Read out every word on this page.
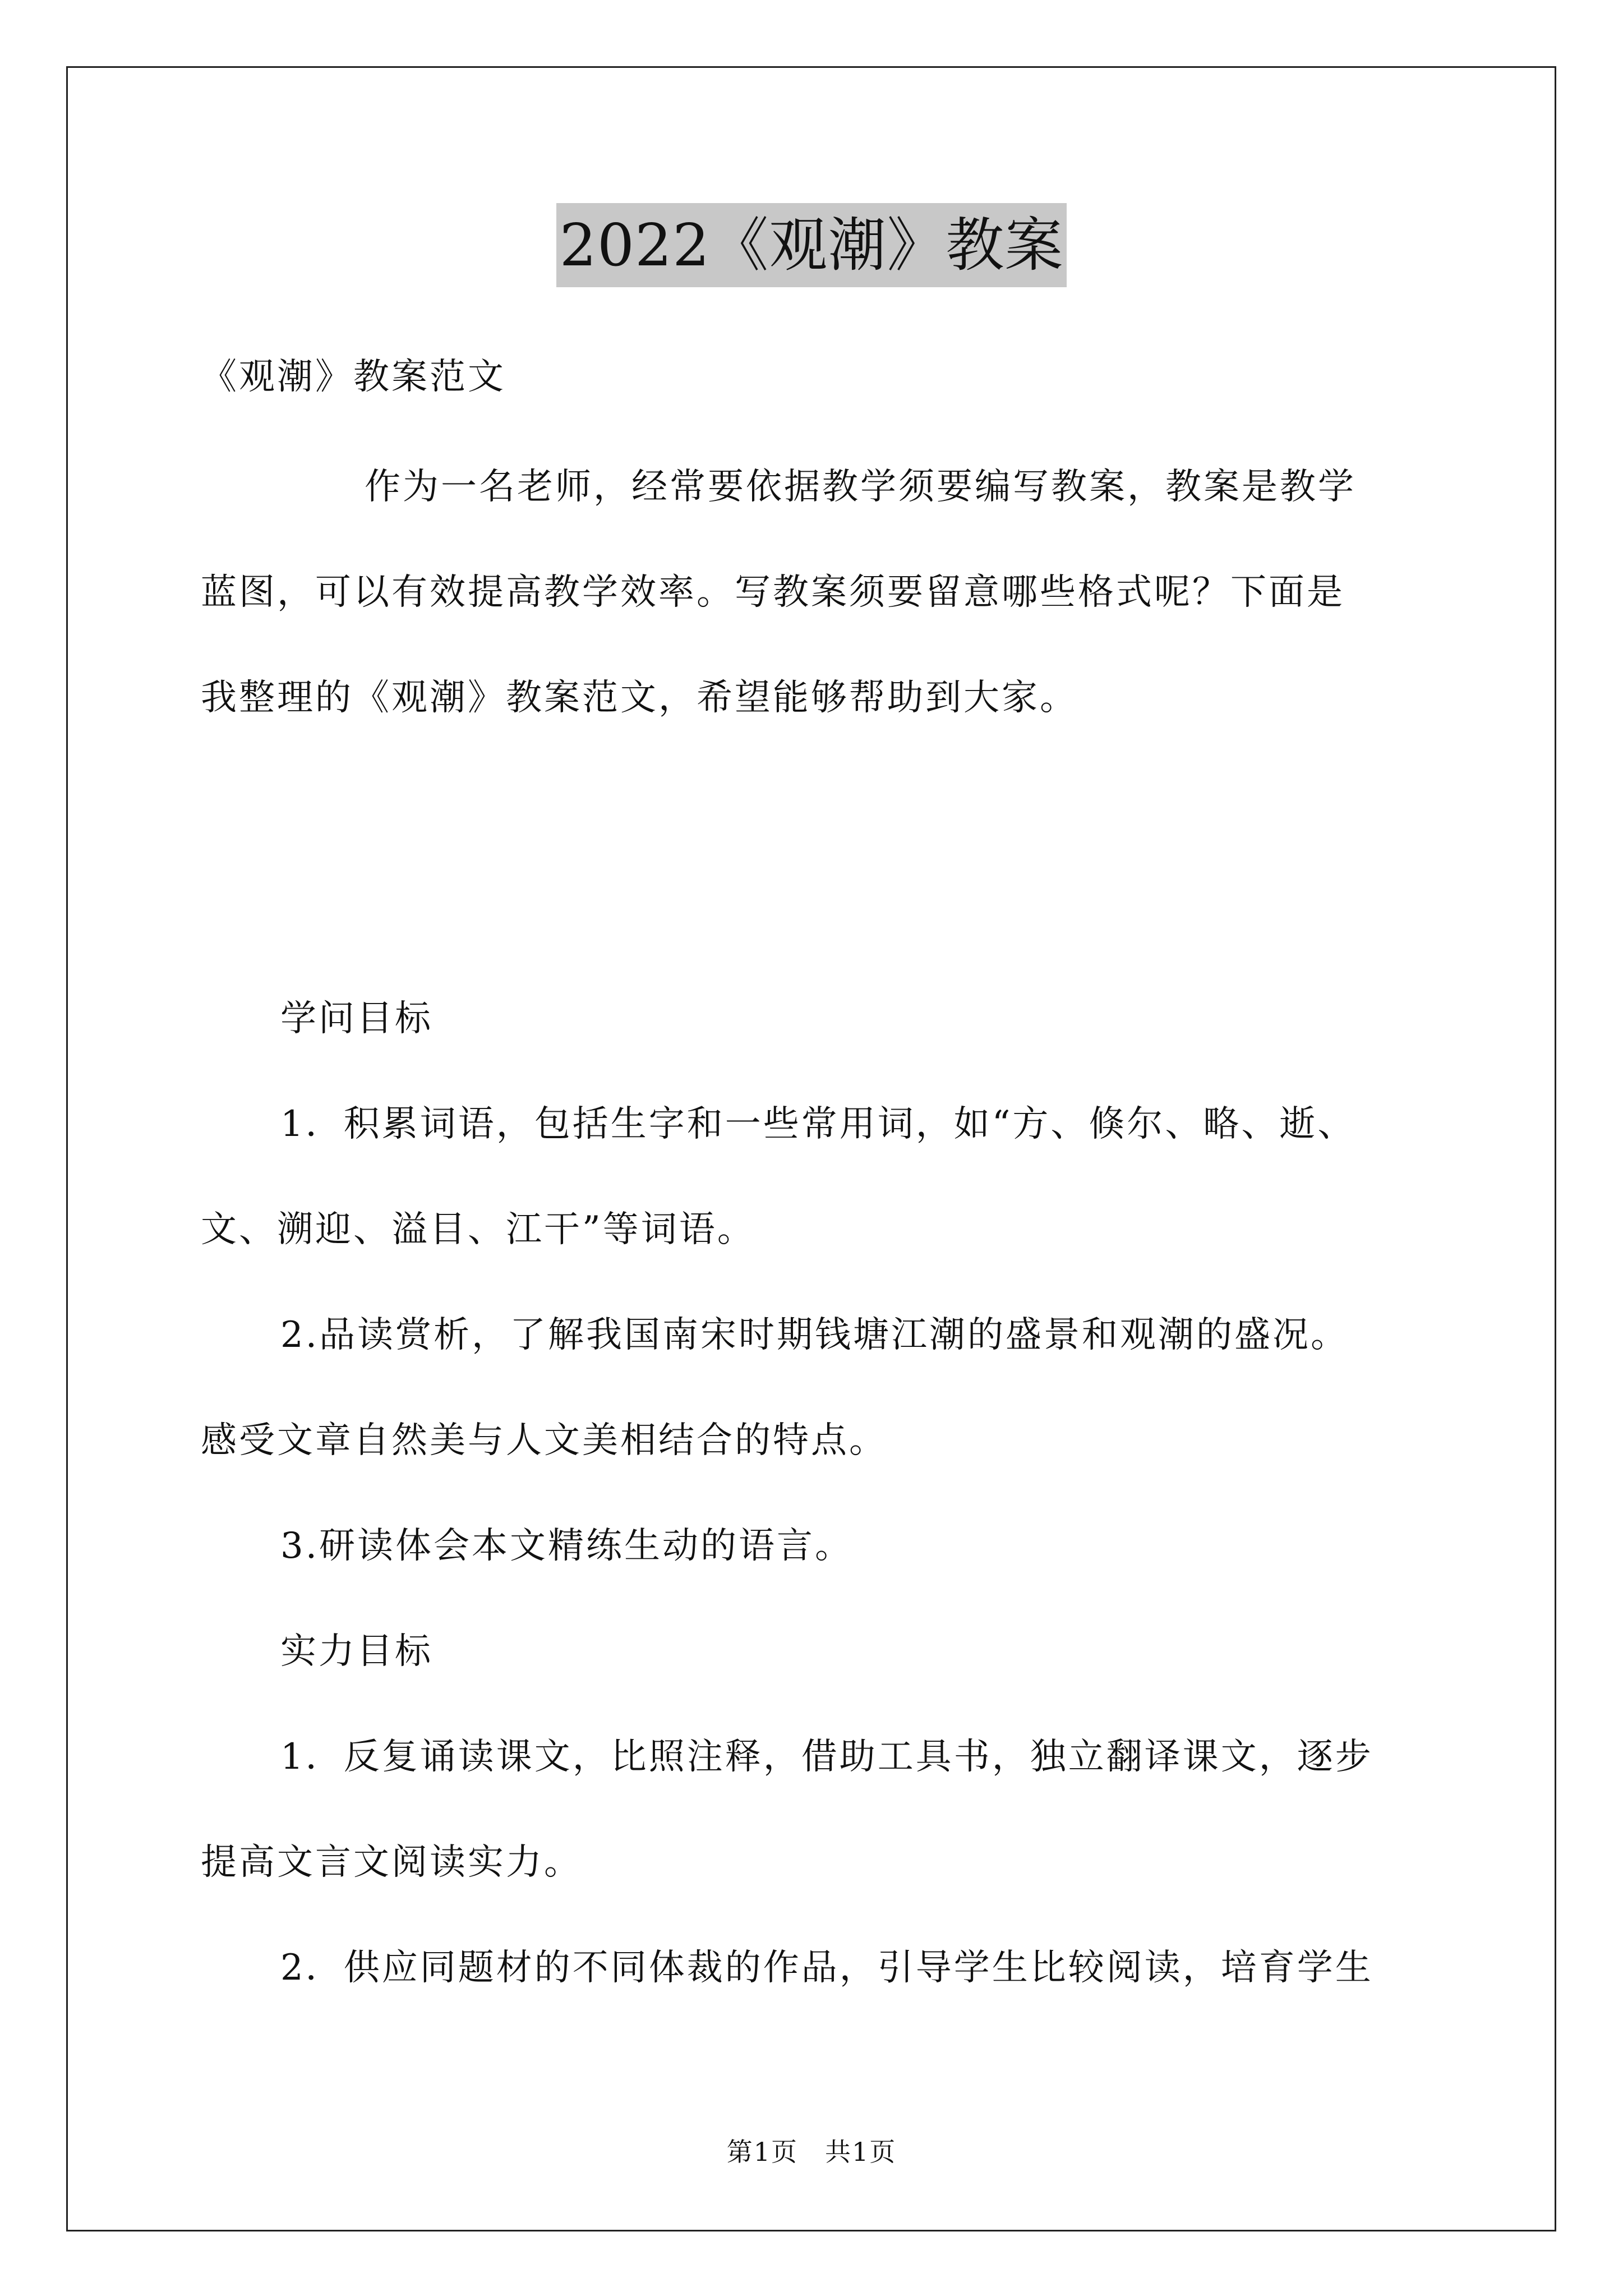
2022《观潮》教案
《观潮》教案范文
作为一名老师，经常要依据教学须要编写教案，教案是教学
蓝图，可以有效提高教学效率。写教案须要留意哪些格式呢？下面是
我整理的《观潮》教案范文，希望能够帮助到大家。
学问目标
1．积累词语，包括生字和一些常用词，如“方、倏尔、略、逝、
文、溯迎、溢目、江干”等词语。
2.品读赏析，了解我国南宋时期钱塘江潮的盛景和观潮的盛况。
感受文章自然美与人文美相结合的特点。
3.研读体会本文精练生动的语言。
实力目标
1．反复诵读课文，比照注释，借助工具书，独立翻译课文，逐步
提高文言文阅读实力。
2．供应同题材的不同体裁的作品，引导学生比较阅读，培育学生
第1页　共1页
